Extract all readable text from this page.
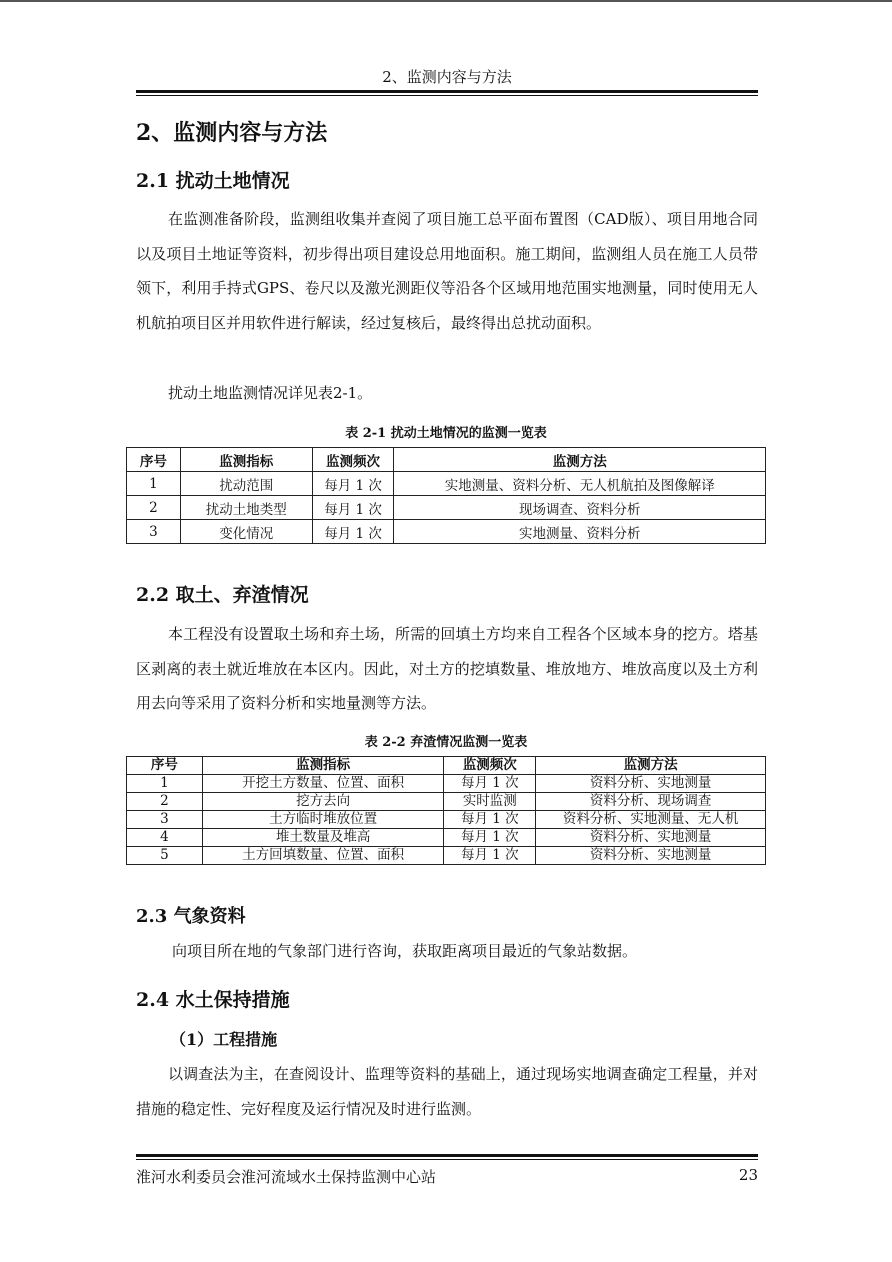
2、监测内容与方法
2、监测内容与方法
2.1 扰动土地情况

在监测准备阶段，监测组收集并查阅了项目施工总平面布置图（CAD版）、项目用地合同以及项目土地证等资料，初步得出项目建设总用地面积。施工期间，监测组人员在施工人员带领下，利用手持式GPS、卷尺以及激光测距仪等沿各个区域用地范围实地测量，同时使用无人机航拍项目区并用软件进行解读，经过复核后，最终得出总扰动面积。

扰动土地监测情况详见表2-1。

表 2-1 扰动土地情况的监测一览表
序号	监测指标	监测频次	监测方法
1	扰动范围	每月 1 次	实地测量、资料分析、无人机航拍及图像解译
2	扰动土地类型	每月 1 次	现场调查、资料分析
3	变化情况	每月 1 次	实地测量、资料分析
2.2 取土、弃渣情况

本工程没有设置取土场和弃土场，所需的回填土方均来自工程各个区域本身的挖方。塔基区剥离的表土就近堆放在本区内。因此，对土方的挖填数量、堆放地方、堆放高度以及土方利用去向等采用了资料分析和实地量测等方法。

表 2-2 弃渣情况监测一览表
序号	监测指标	监测频次	监测方法
1	开挖土方数量、位置、面积	每月 1 次	资料分析、实地测量
2	挖方去向	实时监测	资料分析、现场调查
3	土方临时堆放位置	每月 1 次	资料分析、实地测量、无人机
4	堆土数量及堆高	每月 1 次	资料分析、实地测量
5	土方回填数量、位置、面积	每月 1 次	资料分析、实地测量
2.3 气象资料

向项目所在地的气象部门进行咨询，获取距离项目最近的气象站数据。

2.4 水土保持措施
（1）工程措施

以调查法为主，在查阅设计、监理等资料的基础上，通过现场实地调查确定工程量，并对措施的稳定性、完好程度及运行情况及时进行监测。

淮河水利委员会淮河流域水土保持监测中心站	23
